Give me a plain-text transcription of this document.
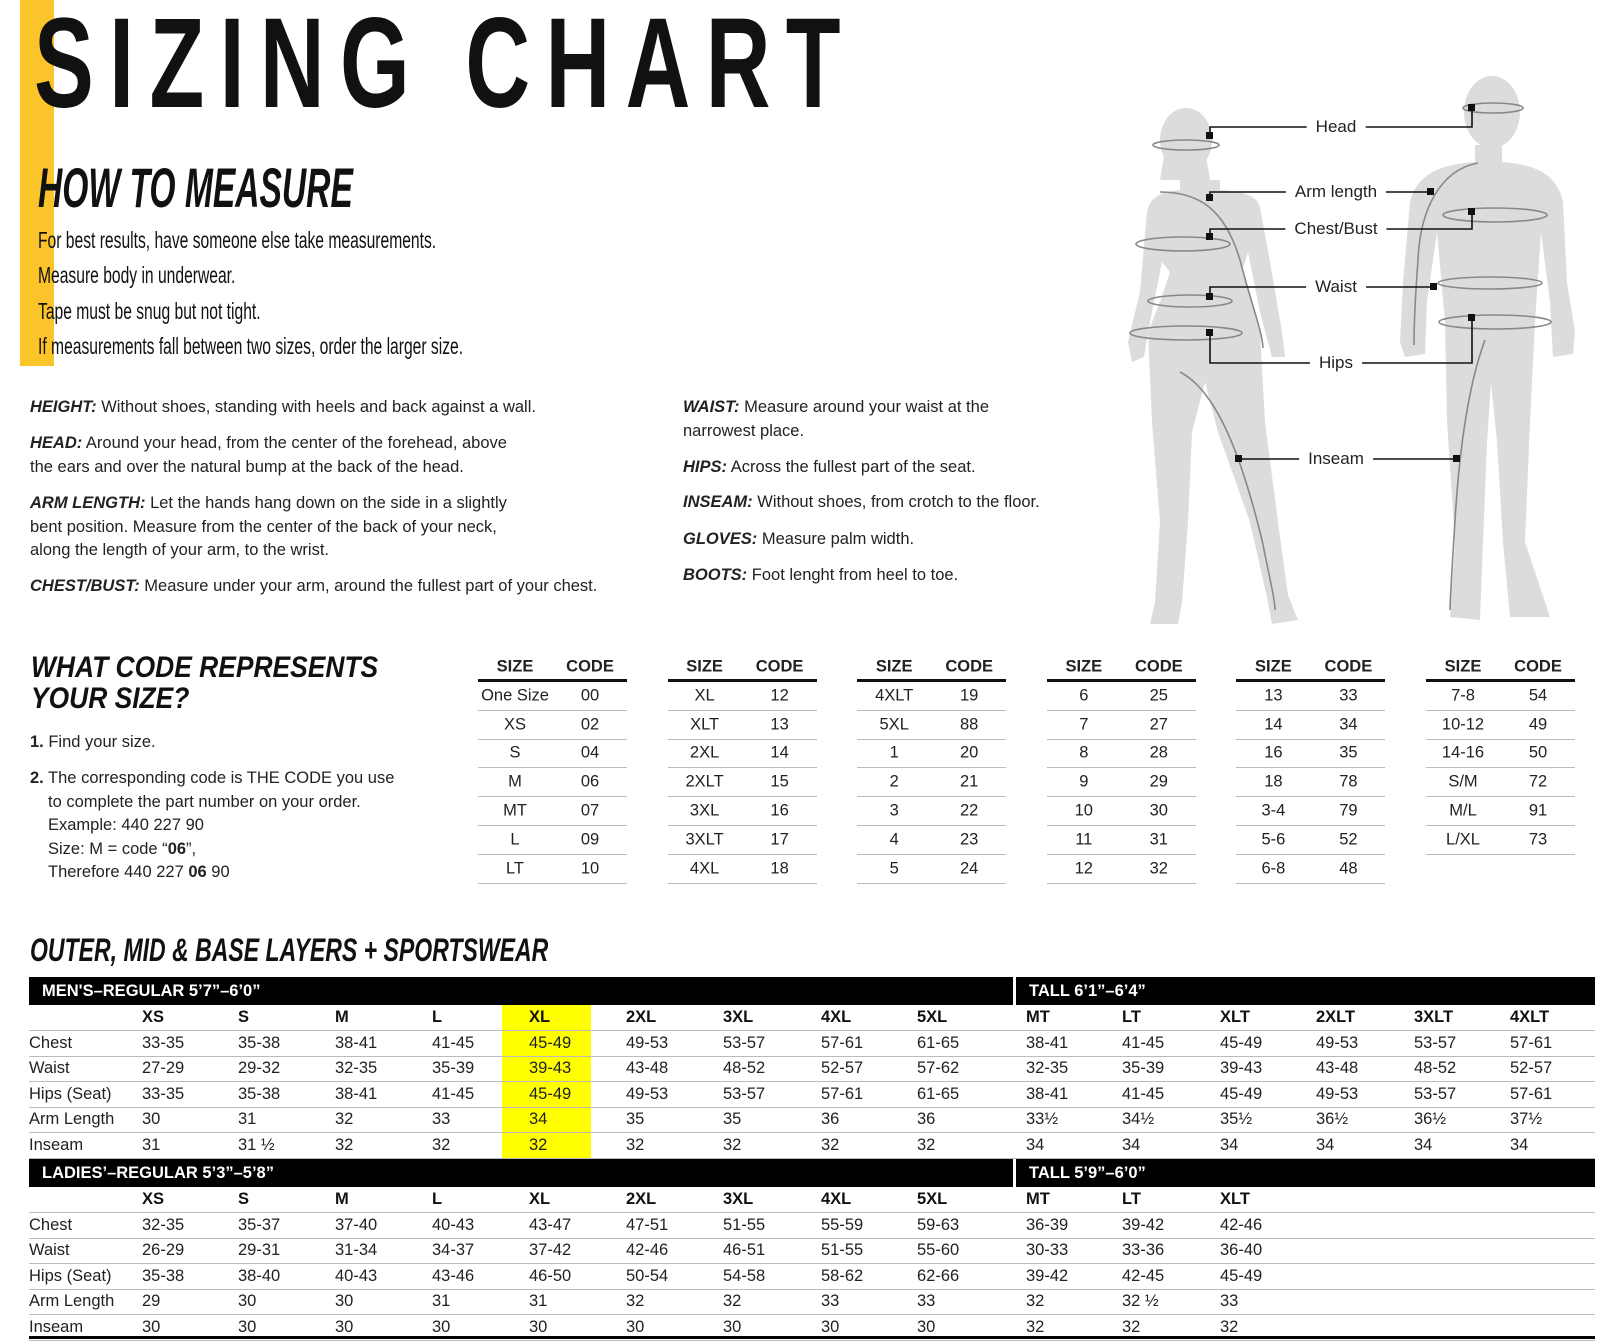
SIZING CHART
HOW TO MEASURE
For best results, have someone else take measurements.
Measure body in underwear.
Tape must be snug but not tight.
If measurements fall between two sizes, order the larger size.
Head
Arm length
Chest/Bust
Waist
Hips
Inseam
HEIGHT: Without shoes, standing with heels and back against a wall.
HEAD: Around your head, from the center of the forehead, above
the ears and over the natural bump at the back of the head.
ARM LENGTH: Let the hands hang down on the side in a slightly
bent position. Measure from the center of the back of your neck,
along the length of your arm, to the wrist.
CHEST/BUST: Measure under your arm, around the fullest part of your chest.
WAIST: Measure around your waist at the
narrowest place.
HIPS: Across the fullest part of the seat.
INSEAM: Without shoes, from crotch to the floor.
GLOVES: Measure palm width.
BOOTS: Foot lenght from heel to toe.
WHAT CODE REPRESENTS
YOUR SIZE?
1. Find your size.
2. The corresponding code is THE CODE you use
to complete the part number on your order.
Example: 440 227 90
Size: M = code “06”,
Therefore 440 227 06 90
SIZE CODE
One Size 00
XS	02
S	04
M	06
MT	07
L	09
LT	10
SIZE CODE
XL	12
XLT	13
2XL	14
2XLT	15
3XL	16
3XLT	17
4XL	18
SIZE CODE
4XLT	19
5XL	88
1	20
2	21
3	22
4	23
5	24
SIZE CODE
6	25
7	27
8	28
9	29
10	30
11	31
12	32
SIZE CODE
13	33
14	34
16	35
18	78
3-4	79
5-6	52
6-8	48
SIZE CODE
7-8	54
10-12	49
14-16	50
S/M	72
M/L	91
L/XL	73
OUTER, MID & BASE LAYERS + SPORTSWEAR
MEN'S–REGULAR 5’7”–6’0”	TALL 6’1”–6’4”
XS	S	M	L	XL	2XL	3XL	4XL	5XL	MT	LT	XLT	2XLT	3XLT	4XLT
Chest	33-35	35-38	38-41	41-45	45-49	49-53	53-57	57-61	61-65	38-41	41-45	45-49	49-53	53-57	57-61
Waist	27-29	29-32	32-35	35-39	39-43	43-48	48-52	52-57	57-62	32-35	35-39	39-43	43-48	48-52	52-57
Hips (Seat) 33-35	35-38	38-41	41-45	45-49	49-53	53-57	57-61	61-65	38-41	41-45	45-49	49-53	53-57	57-61
Arm Length 30	31	32	33	34	35	35	36	36	33½	34½	35½	36½	36½	37½
Inseam	31	31 ½	32	32	32	32	32	32	32	34	34	34	34	34	34
LADIES’–REGULAR 5’3”–5’8”	TALL 5’9”–6’0”
XS	S	M	L	XL	2XL	3XL	4XL	5XL	MT	LT	XLT
Chest	32-35	35-37	37-40	40-43	43-47	47-51	51-55	55-59	59-63	36-39	39-42	42-46
Waist	26-29	29-31	31-34	34-37	37-42	42-46	46-51	51-55	55-60	30-33	33-36	36-40
Hips (Seat) 35-38	38-40	40-43	43-46	46-50	50-54	54-58	58-62	62-66	39-42	42-45	45-49
Arm Length 29	30	30	31	31	32	32	33	33	32	32 ½	33
Inseam	30	30	30	30	30	30	30	30	30	32	32	32
